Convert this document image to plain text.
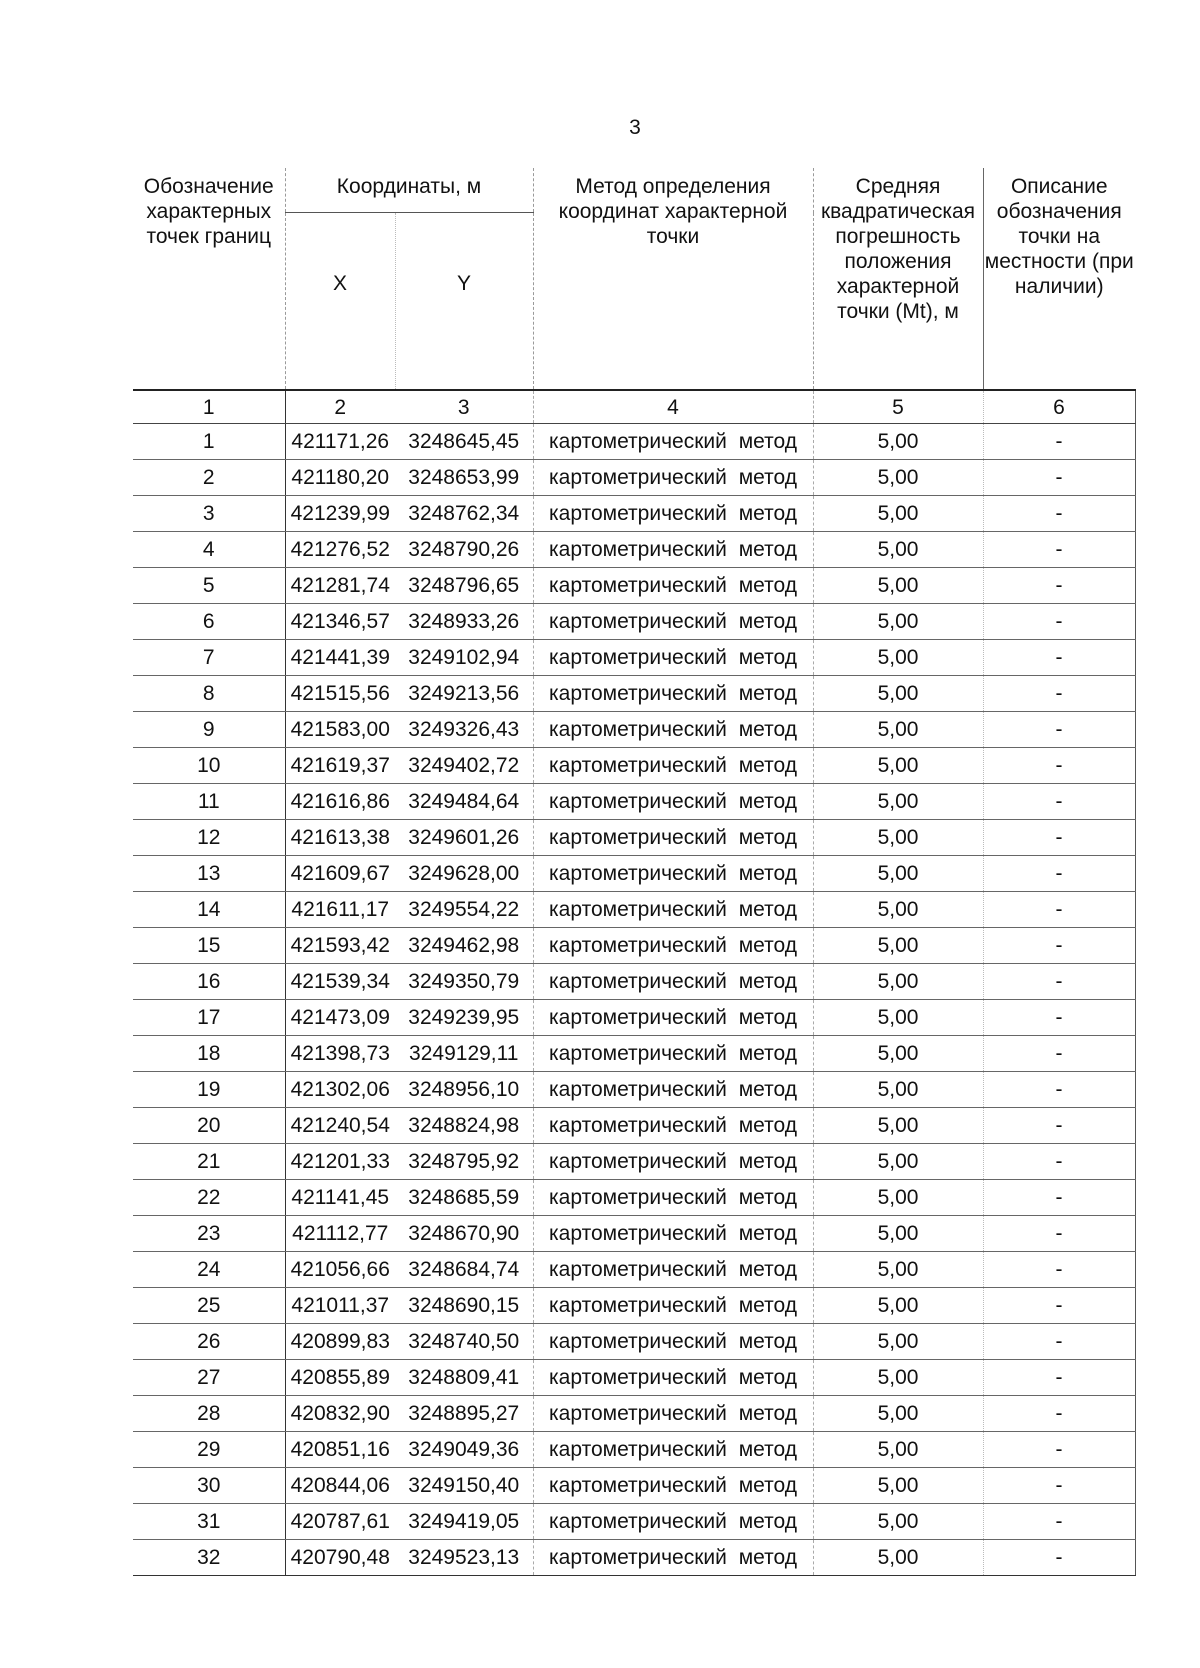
3
Обозначение характерных точек границ	Координаты, м		Метод определения координат характерной точки	Средняя квадратическая погрешность положения характерной точки (Mt), м	Описание обозначения точки на местности (при наличии)
	X	Y			
1	2	3	4	5	6
1	421171,26	3248645,45	картометрический метод	5,00	-
2	421180,20	3248653,99	картометрический метод	5,00	-
3	421239,99	3248762,34	картометрический метод	5,00	-
4	421276,52	3248790,26	картометрический метод	5,00	-
5	421281,74	3248796,65	картометрический метод	5,00	-
6	421346,57	3248933,26	картометрический метод	5,00	-
7	421441,39	3249102,94	картометрический метод	5,00	-
8	421515,56	3249213,56	картометрический метод	5,00	-
9	421583,00	3249326,43	картометрический метод	5,00	-
10	421619,37	3249402,72	картометрический метод	5,00	-
11	421616,86	3249484,64	картометрический метод	5,00	-
12	421613,38	3249601,26	картометрический метод	5,00	-
13	421609,67	3249628,00	картометрический метод	5,00	-
14	421611,17	3249554,22	картометрический метод	5,00	-
15	421593,42	3249462,98	картометрический метод	5,00	-
16	421539,34	3249350,79	картометрический метод	5,00	-
17	421473,09	3249239,95	картометрический метод	5,00	-
18	421398,73	3249129,11	картометрический метод	5,00	-
19	421302,06	3248956,10	картометрический метод	5,00	-
20	421240,54	3248824,98	картометрический метод	5,00	-
21	421201,33	3248795,92	картометрический метод	5,00	-
22	421141,45	3248685,59	картометрический метод	5,00	-
23	421112,77	3248670,90	картометрический метод	5,00	-
24	421056,66	3248684,74	картометрический метод	5,00	-
25	421011,37	3248690,15	картометрический метод	5,00	-
26	420899,83	3248740,50	картометрический метод	5,00	-
27	420855,89	3248809,41	картометрический метод	5,00	-
28	420832,90	3248895,27	картометрический метод	5,00	-
29	420851,16	3249049,36	картометрический метод	5,00	-
30	420844,06	3249150,40	картометрический метод	5,00	-
31	420787,61	3249419,05	картометрический метод	5,00	-
32	420790,48	3249523,13	картометрический метод	5,00	-
